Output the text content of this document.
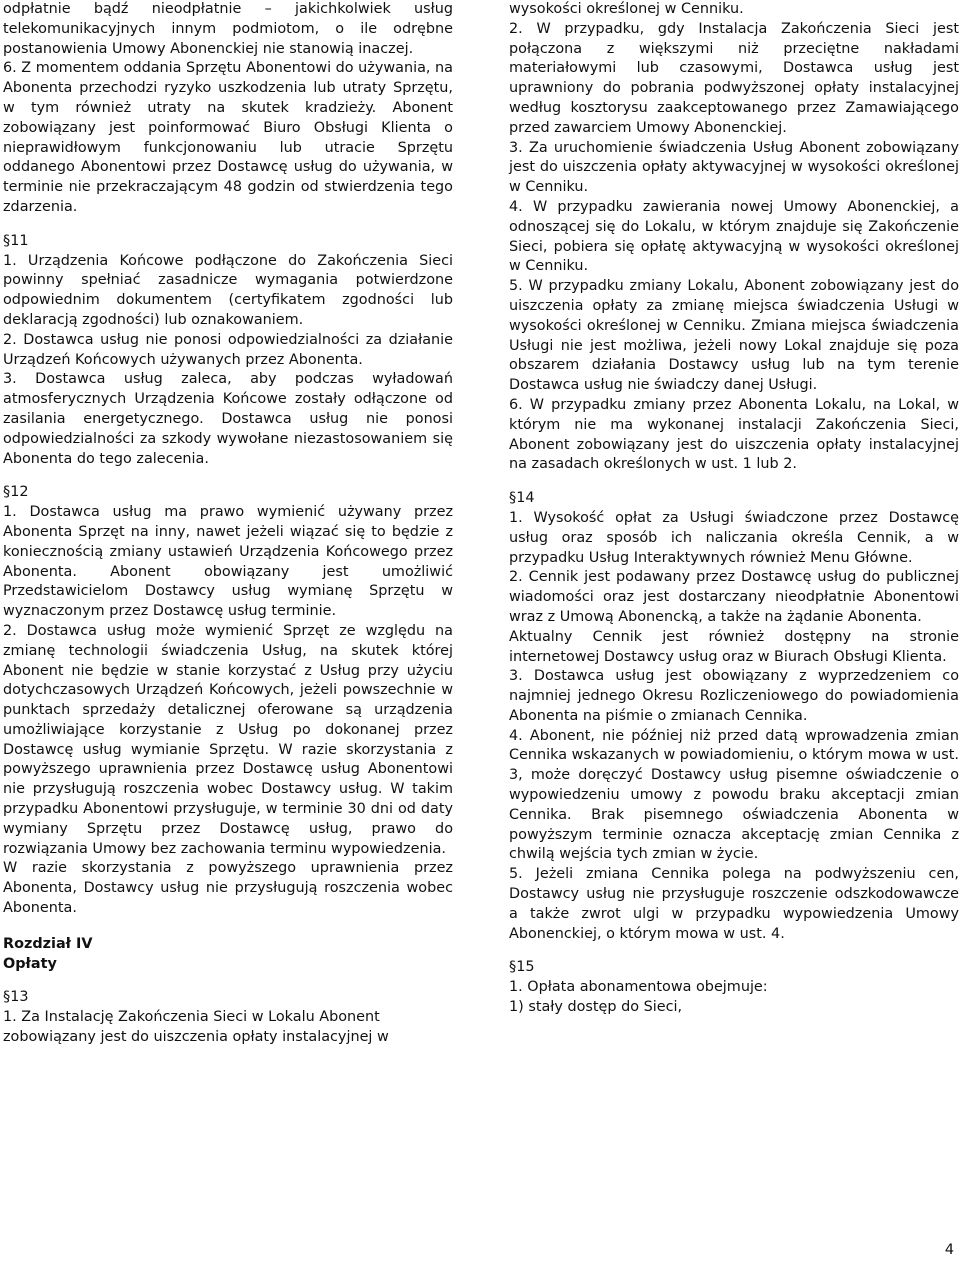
odpłatnie bądź nieodpłatnie – jakichkolwiek usług telekomunikacyjnych innym podmiotom, o ile odrębne postanowienia Umowy Abonenckiej nie stanowią inaczej.

6. Z momentem oddania Sprzętu Abonentowi do używania, na Abonenta przechodzi ryzyko uszkodzenia lub utraty Sprzętu, w tym również utraty na skutek kradzieży. Abonent zobowiązany jest poinformować Biuro Obsługi Klienta o nieprawidłowym funkcjonowaniu lub utracie Sprzętu oddanego Abonentowi przez Dostawcę usług do używania, w terminie nie przekraczającym 48 godzin od stwierdzenia tego zdarzenia.

§11

1. Urządzenia Końcowe podłączone do Zakończenia Sieci powinny spełniać zasadnicze wymagania potwierdzone odpowiednim dokumentem (certyfikatem zgodności lub deklaracją zgodności) lub oznakowaniem.

2. Dostawca usług nie ponosi odpowiedzialności za działanie Urządzeń Końcowych używanych przez Abonenta.

3. Dostawca usług zaleca, aby podczas wyładowań atmosferycznych Urządzenia Końcowe zostały odłączone od zasilania energetycznego. Dostawca usług nie ponosi odpowiedzialności za szkody wywołane niezastosowaniem się Abonenta do tego zalecenia.

§12

1. Dostawca usług ma prawo wymienić używany przez Abonenta Sprzęt na inny, nawet jeżeli wiązać się to będzie z koniecznością zmiany ustawień Urządzenia Końcowego przez Abonenta. Abonent obowiązany jest umożliwić Przedstawicielom Dostawcy usług wymianę Sprzętu w wyznaczonym przez Dostawcę usług terminie.

2. Dostawca usług może wymienić Sprzęt ze względu na zmianę technologii świadczenia Usług, na skutek której Abonent nie będzie w stanie korzystać z Usług przy użyciu dotychczasowych Urządzeń Końcowych, jeżeli powszechnie w punktach sprzedaży detalicznej oferowane są urządzenia umożliwiające korzystanie z Usług po dokonanej przez Dostawcę usług wymianie Sprzętu. W razie skorzystania z powyższego uprawnienia przez Dostawcę usług Abonentowi nie przysługują roszczenia wobec Dostawcy usług. W takim przypadku Abonentowi przysługuje, w terminie 30 dni od daty wymiany Sprzętu przez Dostawcę usług, prawo do rozwiązania Umowy bez zachowania terminu wypowiedzenia.

W razie skorzystania z powyższego uprawnienia przez Abonenta, Dostawcy usług nie przysługują roszczenia wobec Abonenta.

Rozdział IV

Opłaty

§13

1. Za Instalację Zakończenia Sieci w Lokalu Abonent zobowiązany jest do uiszczenia opłaty instalacyjnej w

wysokości określonej w Cenniku.

2. W przypadku, gdy Instalacja Zakończenia Sieci jest połączona z większymi niż przeciętne nakładami materiałowymi lub czasowymi, Dostawca usług jest uprawniony do pobrania podwyższonej opłaty instalacyjnej według kosztorysu zaakceptowanego przez Zamawiającego przed zawarciem Umowy Abonenckiej.

3. Za uruchomienie świadczenia Usług Abonent zobowiązany jest do uiszczenia opłaty aktywacyjnej w wysokości określonej w Cenniku.

4. W przypadku zawierania nowej Umowy Abonenckiej, a odnoszącej się do Lokalu, w którym znajduje się Zakończenie Sieci, pobiera się opłatę aktywacyjną w wysokości określonej w Cenniku.

5. W przypadku zmiany Lokalu, Abonent zobowiązany jest do uiszczenia opłaty za zmianę miejsca świadczenia Usługi w wysokości określonej w Cenniku. Zmiana miejsca świadczenia Usługi nie jest możliwa, jeżeli nowy Lokal znajduje się poza obszarem działania Dostawcy usług lub na tym terenie Dostawca usług nie świadczy danej Usługi.

6. W przypadku zmiany przez Abonenta Lokalu, na Lokal, w którym nie ma wykonanej instalacji Zakończenia Sieci, Abonent zobowiązany jest do uiszczenia opłaty instalacyjnej na zasadach określonych w ust. 1 lub 2.

§14

1. Wysokość opłat za Usługi świadczone przez Dostawcę usług oraz sposób ich naliczania określa Cennik, a w przypadku Usług Interaktywnych również Menu Główne.

2. Cennik jest podawany przez Dostawcę usług do publicznej wiadomości oraz jest dostarczany nieodpłatnie Abonentowi wraz z Umową Abonencką, a także na żądanie Abonenta.

Aktualny Cennik jest również dostępny na stronie internetowej Dostawcy usług oraz w Biurach Obsługi Klienta.

3. Dostawca usług jest obowiązany z wyprzedzeniem co najmniej jednego Okresu Rozliczeniowego do powiadomienia Abonenta na piśmie o zmianach Cennika.

4. Abonent, nie później niż przed datą wprowadzenia zmian Cennika wskazanych w powiadomieniu, o którym mowa w ust. 3, może doręczyć Dostawcy usług pisemne oświadczenie o wypowiedzeniu umowy z powodu braku akceptacji zmian Cennika. Brak pisemnego oświadczenia Abonenta w powyższym terminie oznacza akceptację zmian Cennika z chwilą wejścia tych zmian w życie.

5. Jeżeli zmiana Cennika polega na podwyższeniu cen, Dostawcy usług nie przysługuje roszczenie odszkodowawcze a także zwrot ulgi w przypadku wypowiedzenia Umowy Abonenckiej, o którym mowa w ust. 4.

§15

1. Opłata abonamentowa obejmuje:

1) stały dostęp do Sieci,

4
